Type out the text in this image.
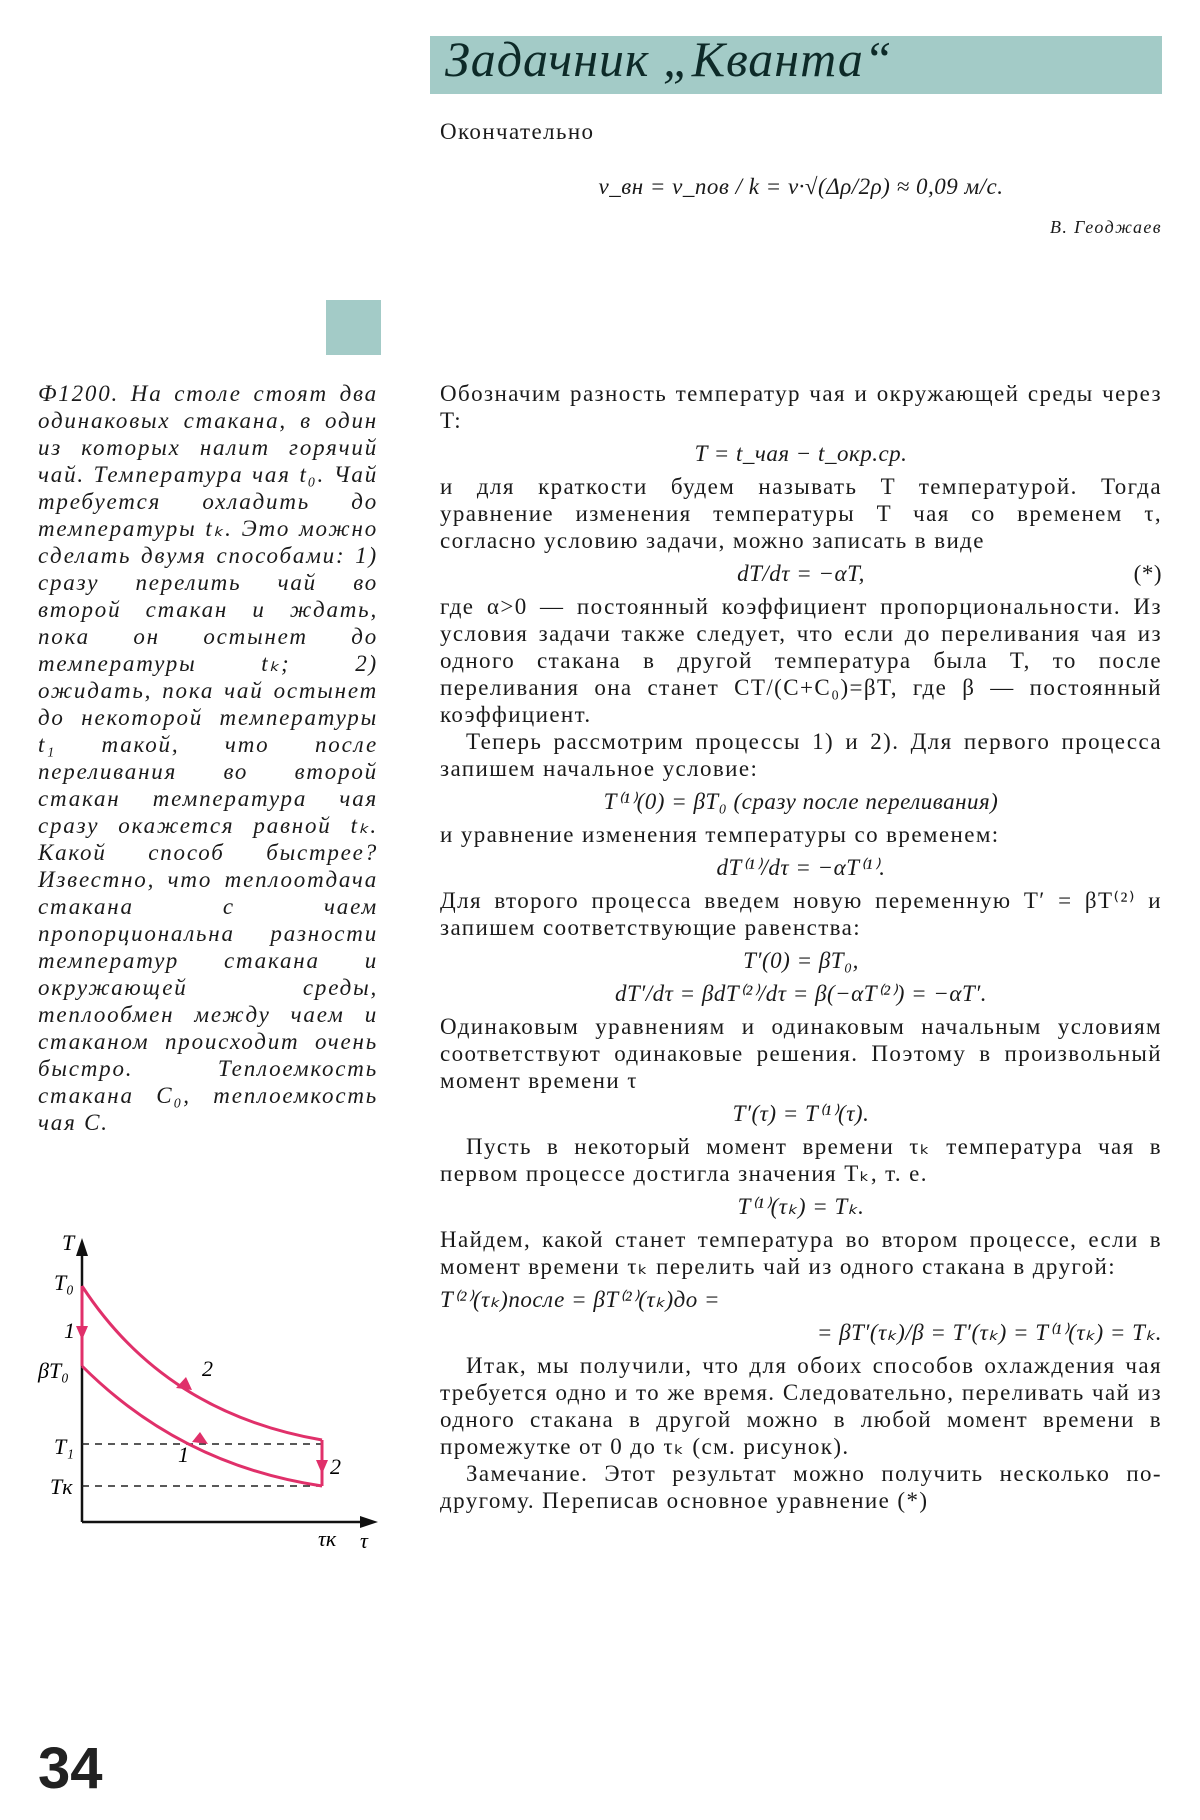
Задачник „Кванта“

Окончательно

v_вн = v_пов / k = v·√(Δρ/2ρ) ≈ 0,09 м/с.

В. Геоджаев

Ф1200. На столе стоят два одинаковых стакана, в один из которых налит горячий чай. Температура чая t₀. Чай требуется охладить до температуры tₖ. Это можно сделать двумя способами: 1) сразу перелить чай во второй стакан и ждать, пока он остынет до температуры tₖ; 2) ожидать, пока чай остынет до некоторой температуры t₁ такой, что после переливания во второй стакан температура чая сразу окажется равной tₖ. Какой способ быстрее? Известно, что теплоотдача стакана с чаем пропорциональна разности температур стакана и окружающей среды, теплообмен между чаем и стаканом происходит очень быстро. Теплоемкость стакана C₀, теплоемкость чая C.
T
τ
T₀
βT₀
T₁
Tк
τк
1
2
1	2

Обозначим разность температур чая и окружающей среды через T:

T = t_чая − t_окр.ср.

и для краткости будем называть T температурой. Тогда уравнение изменения температуры T чая со временем τ, согласно условию задачи, можно записать в виде

dT/dτ = −αT,	(*)

где α>0 — постоянный коэффициент пропорциональности. Из условия задачи также следует, что если до переливания чая из одного стакана в другой температура была T, то после переливания она станет CT/(C+C₀)=βT, где β — постоянный коэффициент.

Теперь рассмотрим процессы 1) и 2). Для первого процесса запишем начальное условие:

T⁽¹⁾(0) = βT₀ (сразу после переливания)

и уравнение изменения температуры со временем:

dT⁽¹⁾/dτ = −αT⁽¹⁾.

Для второго процесса введем новую переменную T′ = βT⁽²⁾ и запишем соответствующие равенства:

T′(0) = βT₀,

dT′/dτ = βdT⁽²⁾/dτ = β(−αT⁽²⁾) = −αT′.

Одинаковым уравнениям и одинаковым начальным условиям соответствуют одинаковые решения. Поэтому в произвольный момент времени τ

T′(τ) = T⁽¹⁾(τ).

Пусть в некоторый момент времени τₖ температура чая в первом процессе достигла значения Tₖ, т. е.

T⁽¹⁾(τₖ) = Tₖ.

Найдем, какой станет температура во втором процессе, если в момент времени τₖ перелить чай из одного стакана в другой:

T⁽²⁾(τₖ)после = βT⁽²⁾(τₖ)до =

= βT′(τₖ)/β = T′(τₖ) = T⁽¹⁾(τₖ) = Tₖ.

Итак, мы получили, что для обоих способов охлаждения чая требуется одно и то же время. Следовательно, переливать чай из одного стакана в другой можно в любой момент времени в промежутке от 0 до τₖ (см. рисунок).

Замечание. Этот результат можно получить несколько по-другому. Переписав основное уравнение (*)

34
